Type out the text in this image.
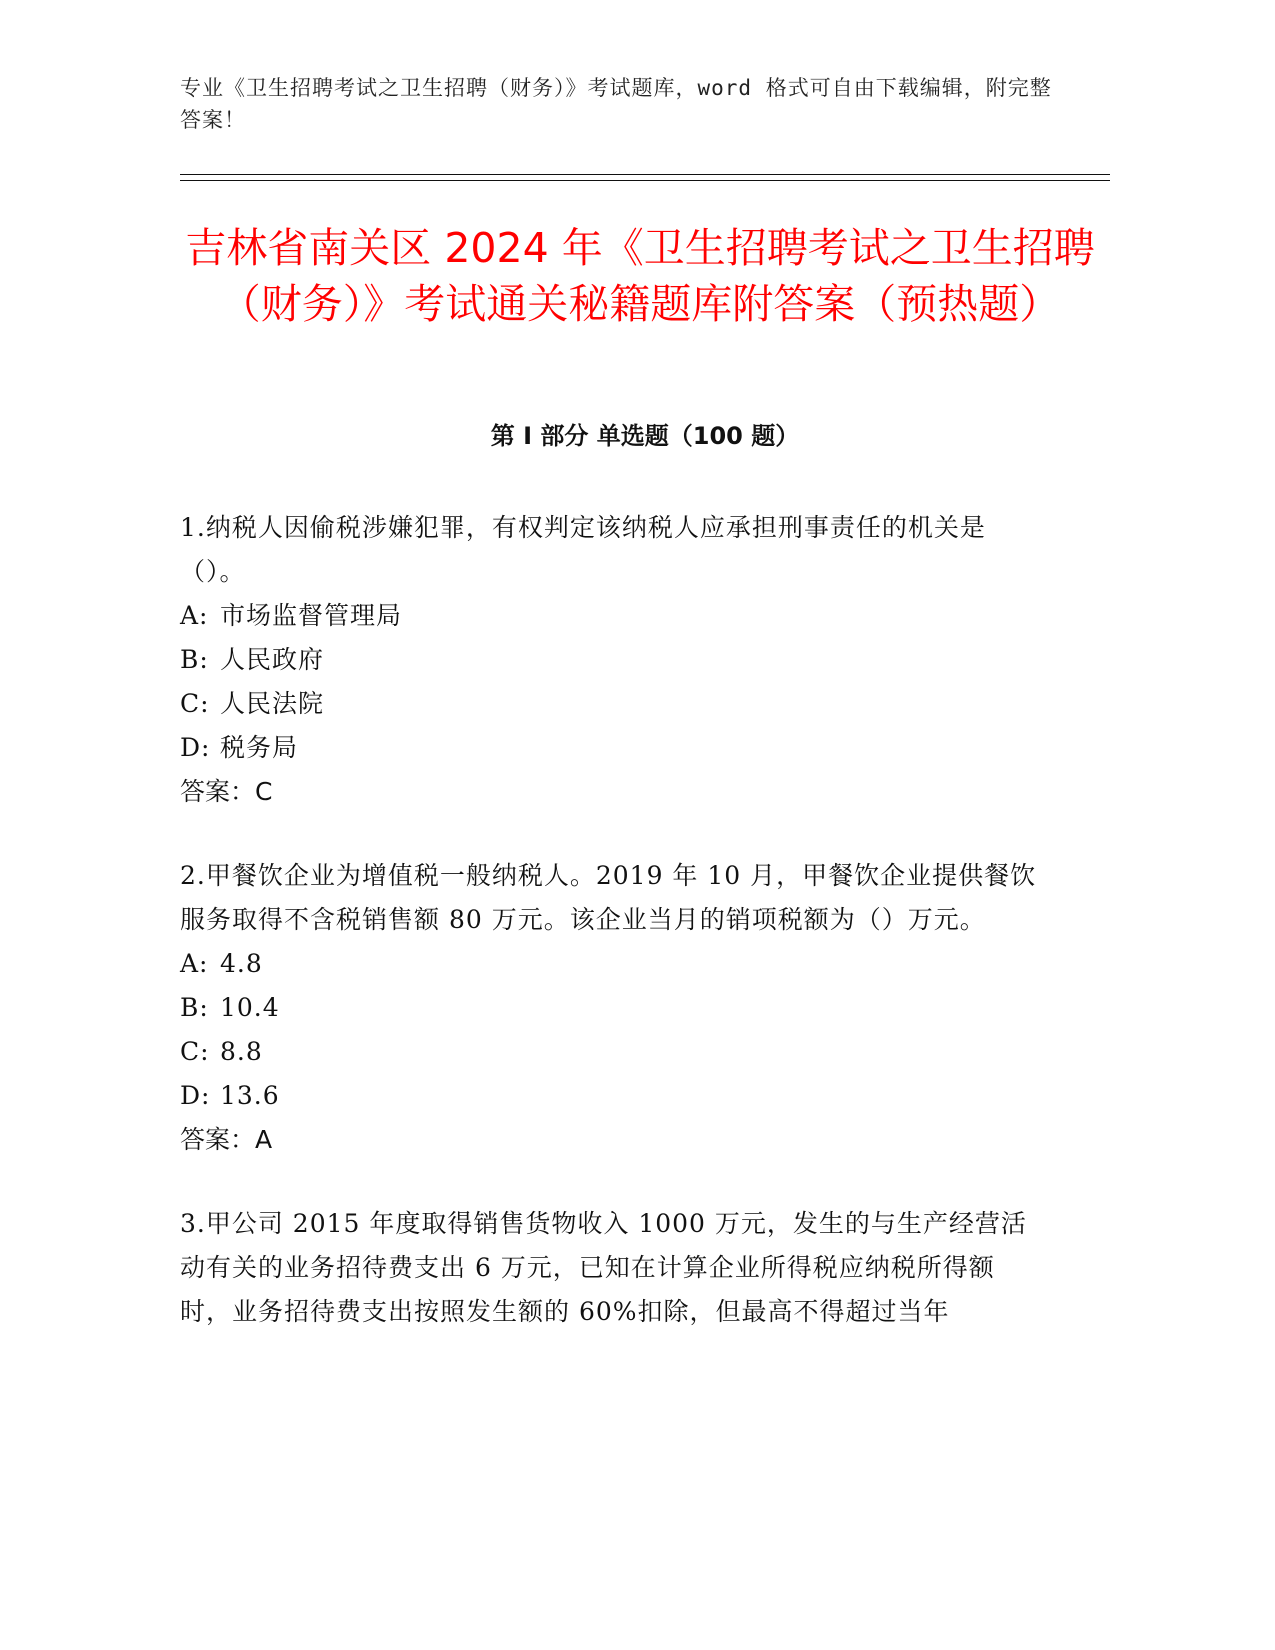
专业《卫生招聘考试之卫生招聘（财务）》考试题库，word 格式可自由下载编辑，附完整答案！
吉林省南关区 2024 年《卫生招聘考试之卫生招聘（财务）》考试通关秘籍题库附答案（预热题）
第 I 部分 单选题（100 题）

1.纳税人因偷税涉嫌犯罪，有权判定该纳税人应承担刑事责任的机关是（）。

A: 市场监督管理局

B: 人民政府

C: 人民法院

D: 税务局

答案：C

2.甲餐饮企业为增值税一般纳税人。2019 年 10 月，甲餐饮企业提供餐饮服务取得不含税销售额 80 万元。该企业当月的销项税额为（）万元。

A: 4.8

B: 10.4

C: 8.8

D: 13.6

答案：A

3.甲公司 2015 年度取得销售货物收入 1000 万元，发生的与生产经营活动有关的业务招待费支出 6 万元，已知在计算企业所得税应纳税所得额时，业务招待费支出按照发生额的 60%扣除，但最高不得超过当年
